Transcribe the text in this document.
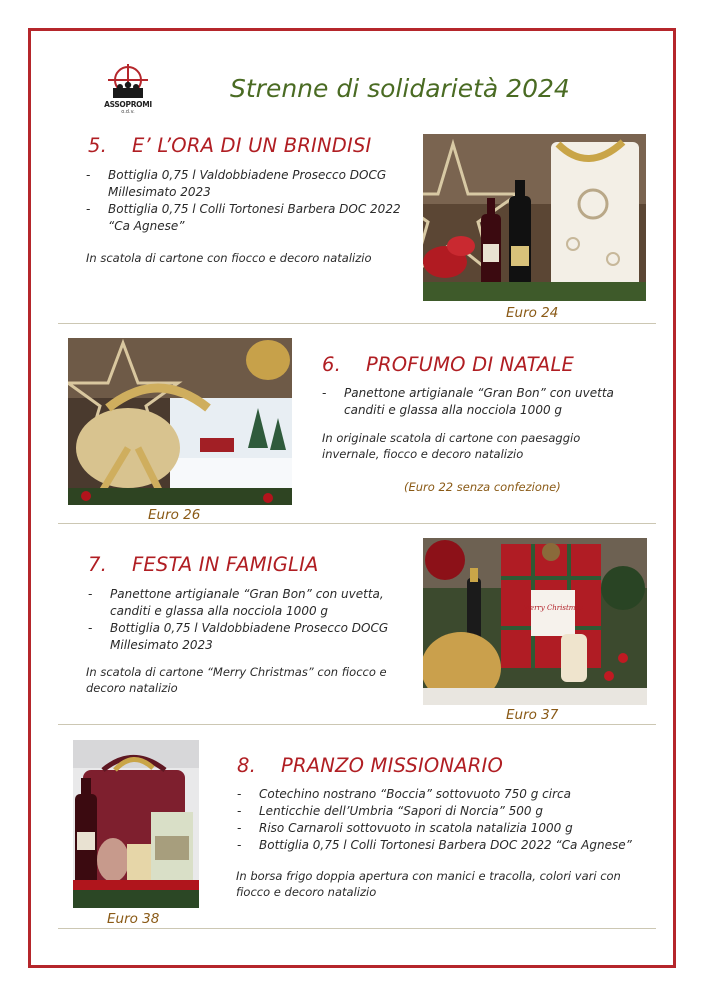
ASSOPROMI
o.d.v.
Strenne di solidarietà 2024
5. E’ L’ORA DI UN BRINDISI
- Bottiglia 0,75 l Valdobbiadene Prosecco DOCG Millesimato 2023
- Bottiglia 0,75 l Colli Tortonesi Barbera DOC 2022 “Ca Agnese”
In scatola di cartone con fiocco e decoro natalizio
Euro 24
Euro 26
6. PROFUMO DI NATALE
- Panettone artigianale “Gran Bon” con uvetta canditi e glassa alla nocciola 1000 g
In originale scatola di cartone con paesaggio invernale, fiocco e decoro natalizio
(Euro 22 senza confezione)
7. FESTA IN FAMIGLIA
- Panettone artigianale “Gran Bon” con uvetta, canditi e glassa alla nocciola 1000 g
- Bottiglia 0,75 l Valdobbiadene Prosecco DOCG Millesimato 2023
In scatola di cartone “Merry Christmas” con fiocco e decoro natalizio
Merry Christmas
Euro 37
Euro 38
8. PRANZO MISSIONARIO
- Cotechino nostrano “Boccia” sottovuoto 750 g circa
- Lenticchie dell’Umbria “Sapori di Norcia” 500 g
- Riso Carnaroli sottovuoto in scatola natalizia 1000 g
- Bottiglia 0,75 l Colli Tortonesi Barbera DOC 2022 “Ca Agnese”
In borsa frigo doppia apertura con manici e tracolla, colori vari con fiocco e decoro natalizio
